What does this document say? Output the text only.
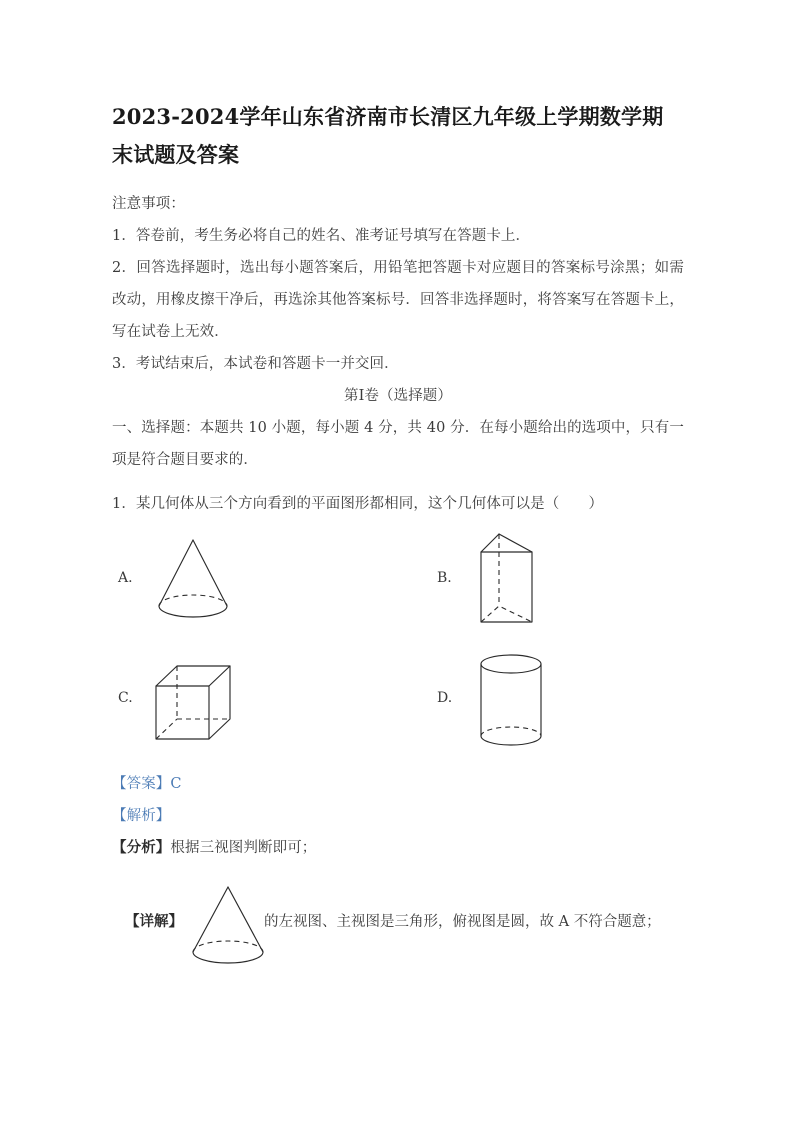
2023-2024学年山东省济南市长清区九年级上学期数学期末试题及答案

注意事项：

1．答卷前，考生务必将自己的姓名、准考证号填写在答题卡上．

2．回答选择题时，选出每小题答案后，用铅笔把答题卡对应题目的答案标号涂黑；如需改动，用橡皮擦干净后，再选涂其他答案标号．回答非选择题时，将答案写在答题卡上，写在试卷上无效．

3．考试结束后，本试卷和答题卡一并交回．

第Ⅰ卷（选择题）

一、选择题：本题共 10 小题，每小题 4 分，共 40 分．在每小题给出的选项中，只有一项是符合题目要求的．

1．某几何体从三个方向看到的平面图形都相同，这个几何体可以是（　　）

A.	B.
C.	D.

【答案】C

【解析】

【分析】根据三视图判断即可；

【详解】	的左视图、主视图是三角形，俯视图是圆，故 A 不符合题意；
